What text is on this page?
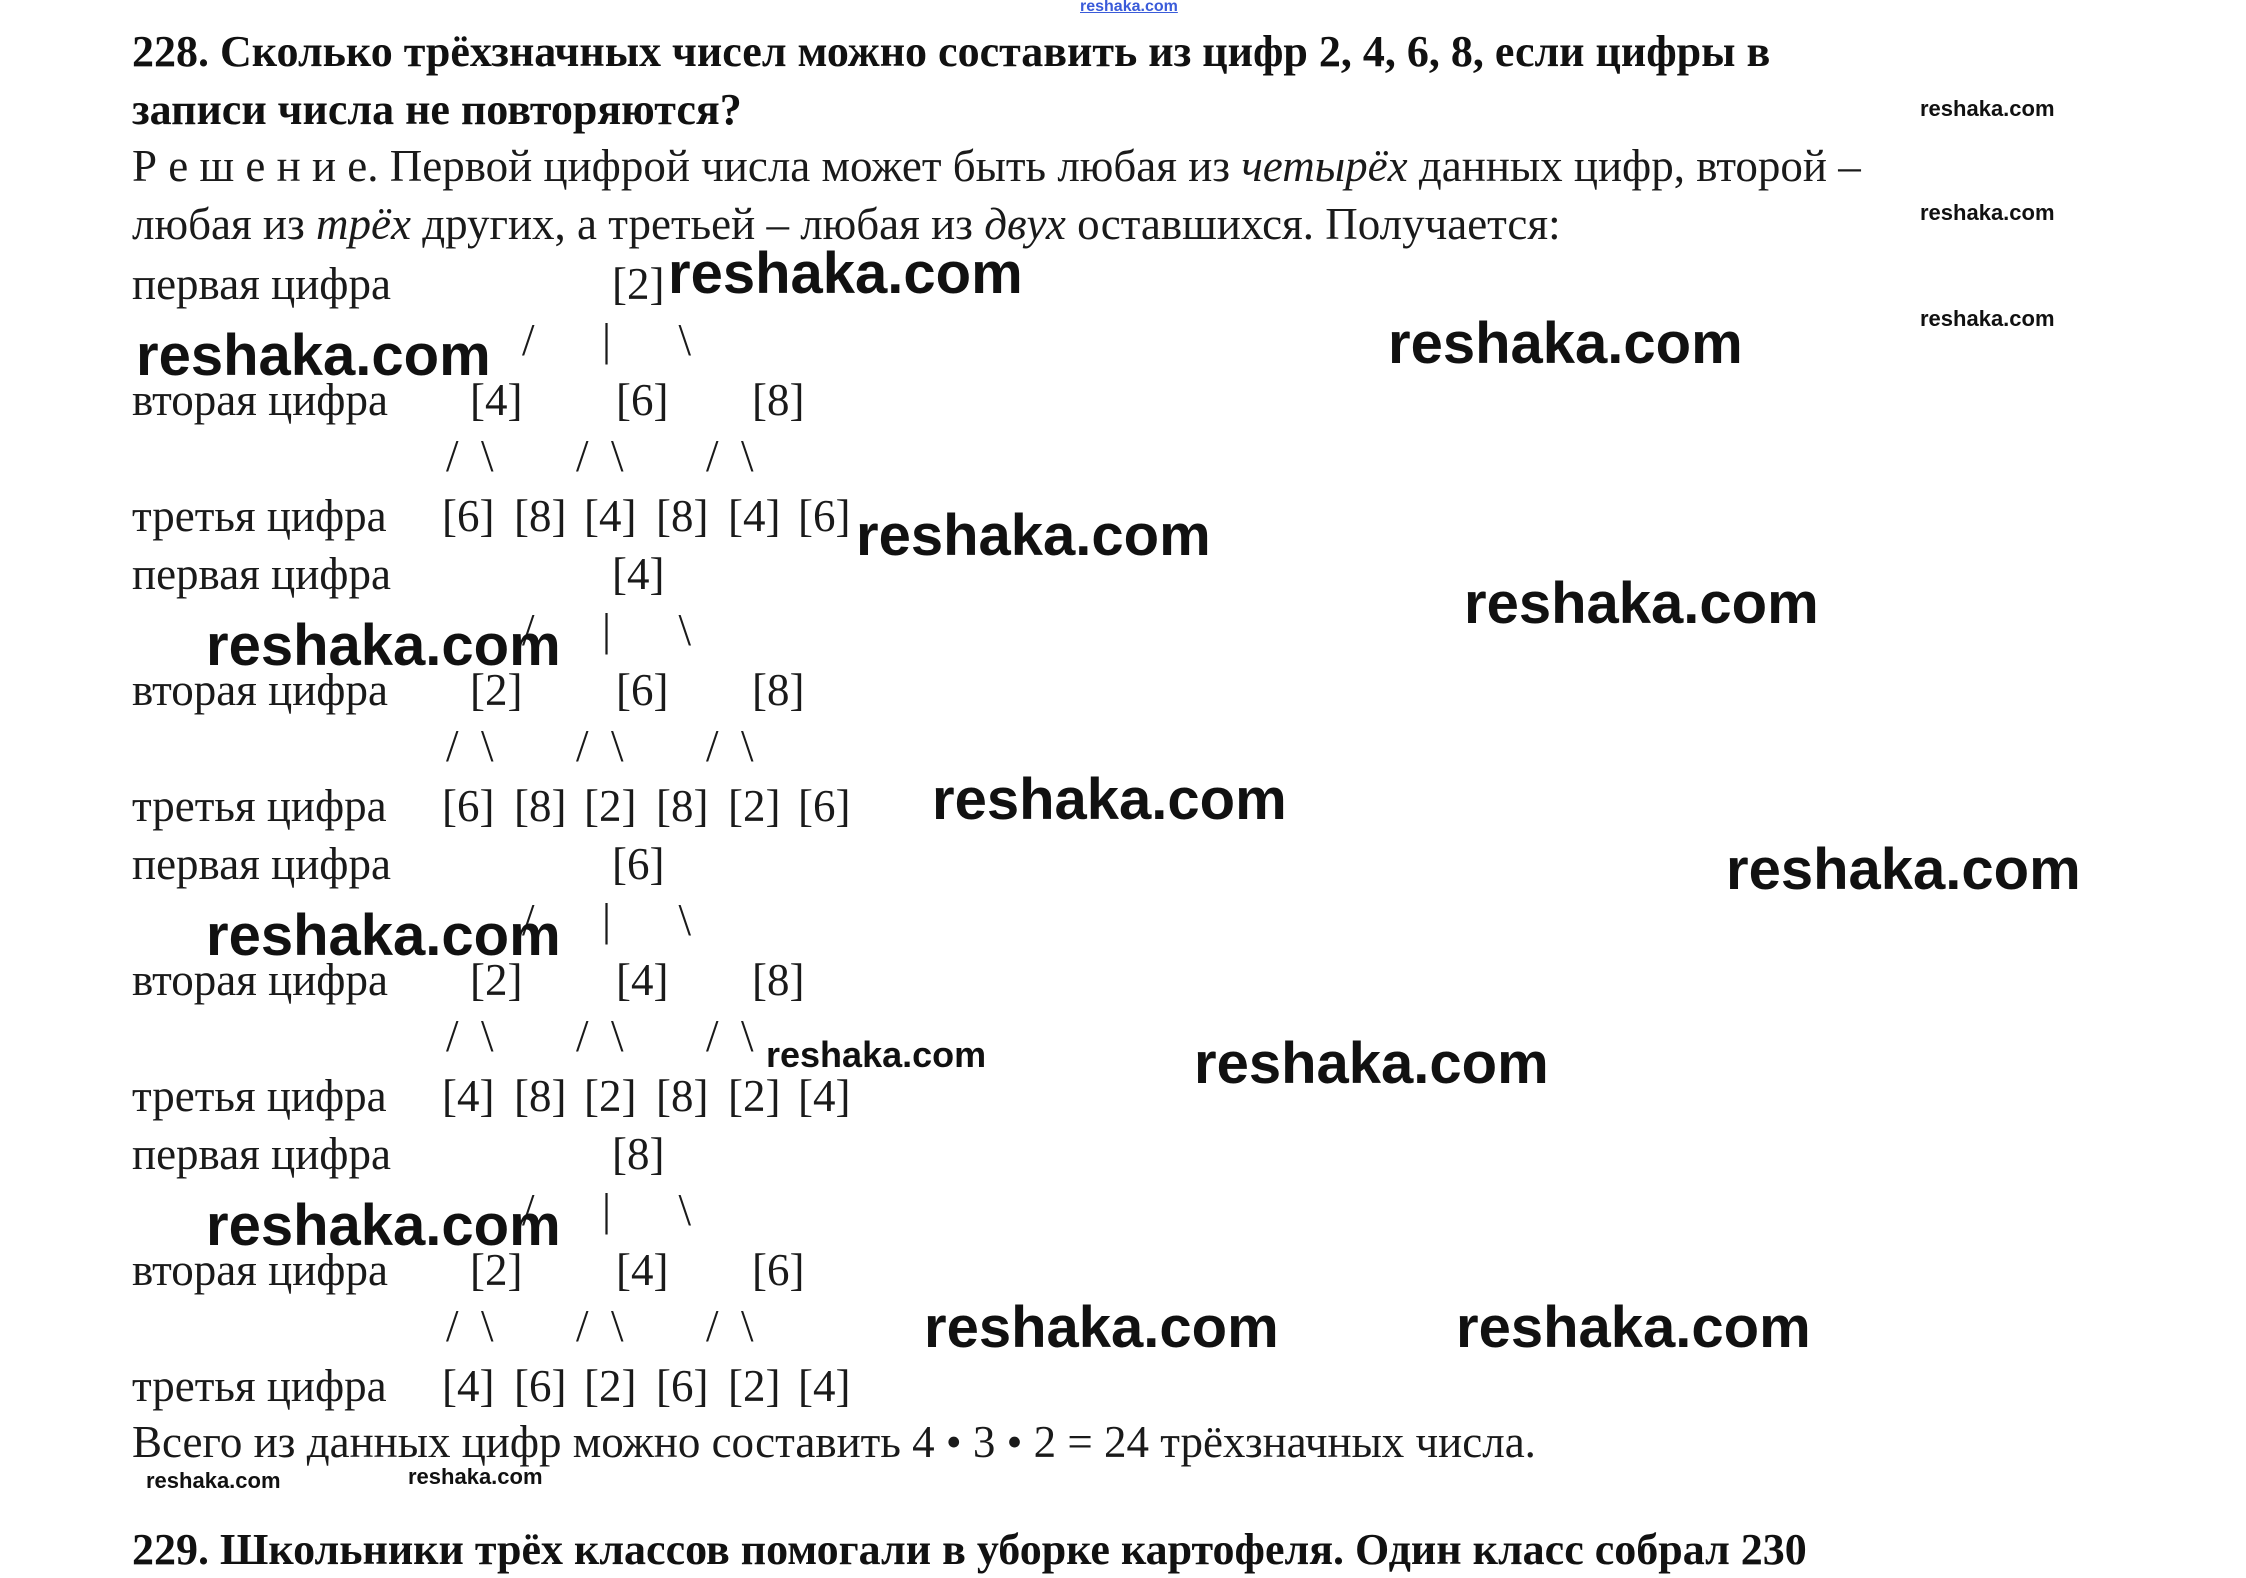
reshaka.com
228. Сколько трёхзначных чисел можно составить из цифр 2, 4, 6, 8, если цифры в
записи числа не повторяются?
Р е ш е н и е. Первой цифрой числа может быть любая из четырёх данных цифр, второй –
любая из трёх других, а третьей – любая из двух оставшихся. Получается:
первая цифра	[2]
/      |      \
вторая цифра [4] [6] [8]
/  \ /  \ /  \
третья цифра [6] [8] [4] [8] [4] [6]
первая цифра	[4]
/      |      \
вторая цифра [2] [6] [8]
/  \ /  \ /  \
третья цифра [6] [8] [2] [8] [2] [6]
первая цифра	[6]
/      |      \
вторая цифра [2] [4] [8]
/  \ /  \ /  \
третья цифра [4] [8] [2] [8] [2] [4]
первая цифра	[8]
/      |      \
вторая цифра [2] [4] [6]
/  \ /  \ /  \
третья цифра [4] [6] [2] [6] [2] [4]
Всего из данных цифр можно составить 4 • 3 • 2 = 24 трёхзначных числа.
229. Школьники трёх классов помогали в уборке картофеля. Один класс собрал 230
reshaka.com
reshaka.com
reshaka.com
reshaka.com
reshaka.com	reshaka.com
reshaka.com
reshaka.com
reshaka.com
reshaka.com
reshaka.com
reshaka.com
reshaka.com	reshaka.com
reshaka.com
reshaka.com	reshaka.com
reshaka.com	reshaka.com
